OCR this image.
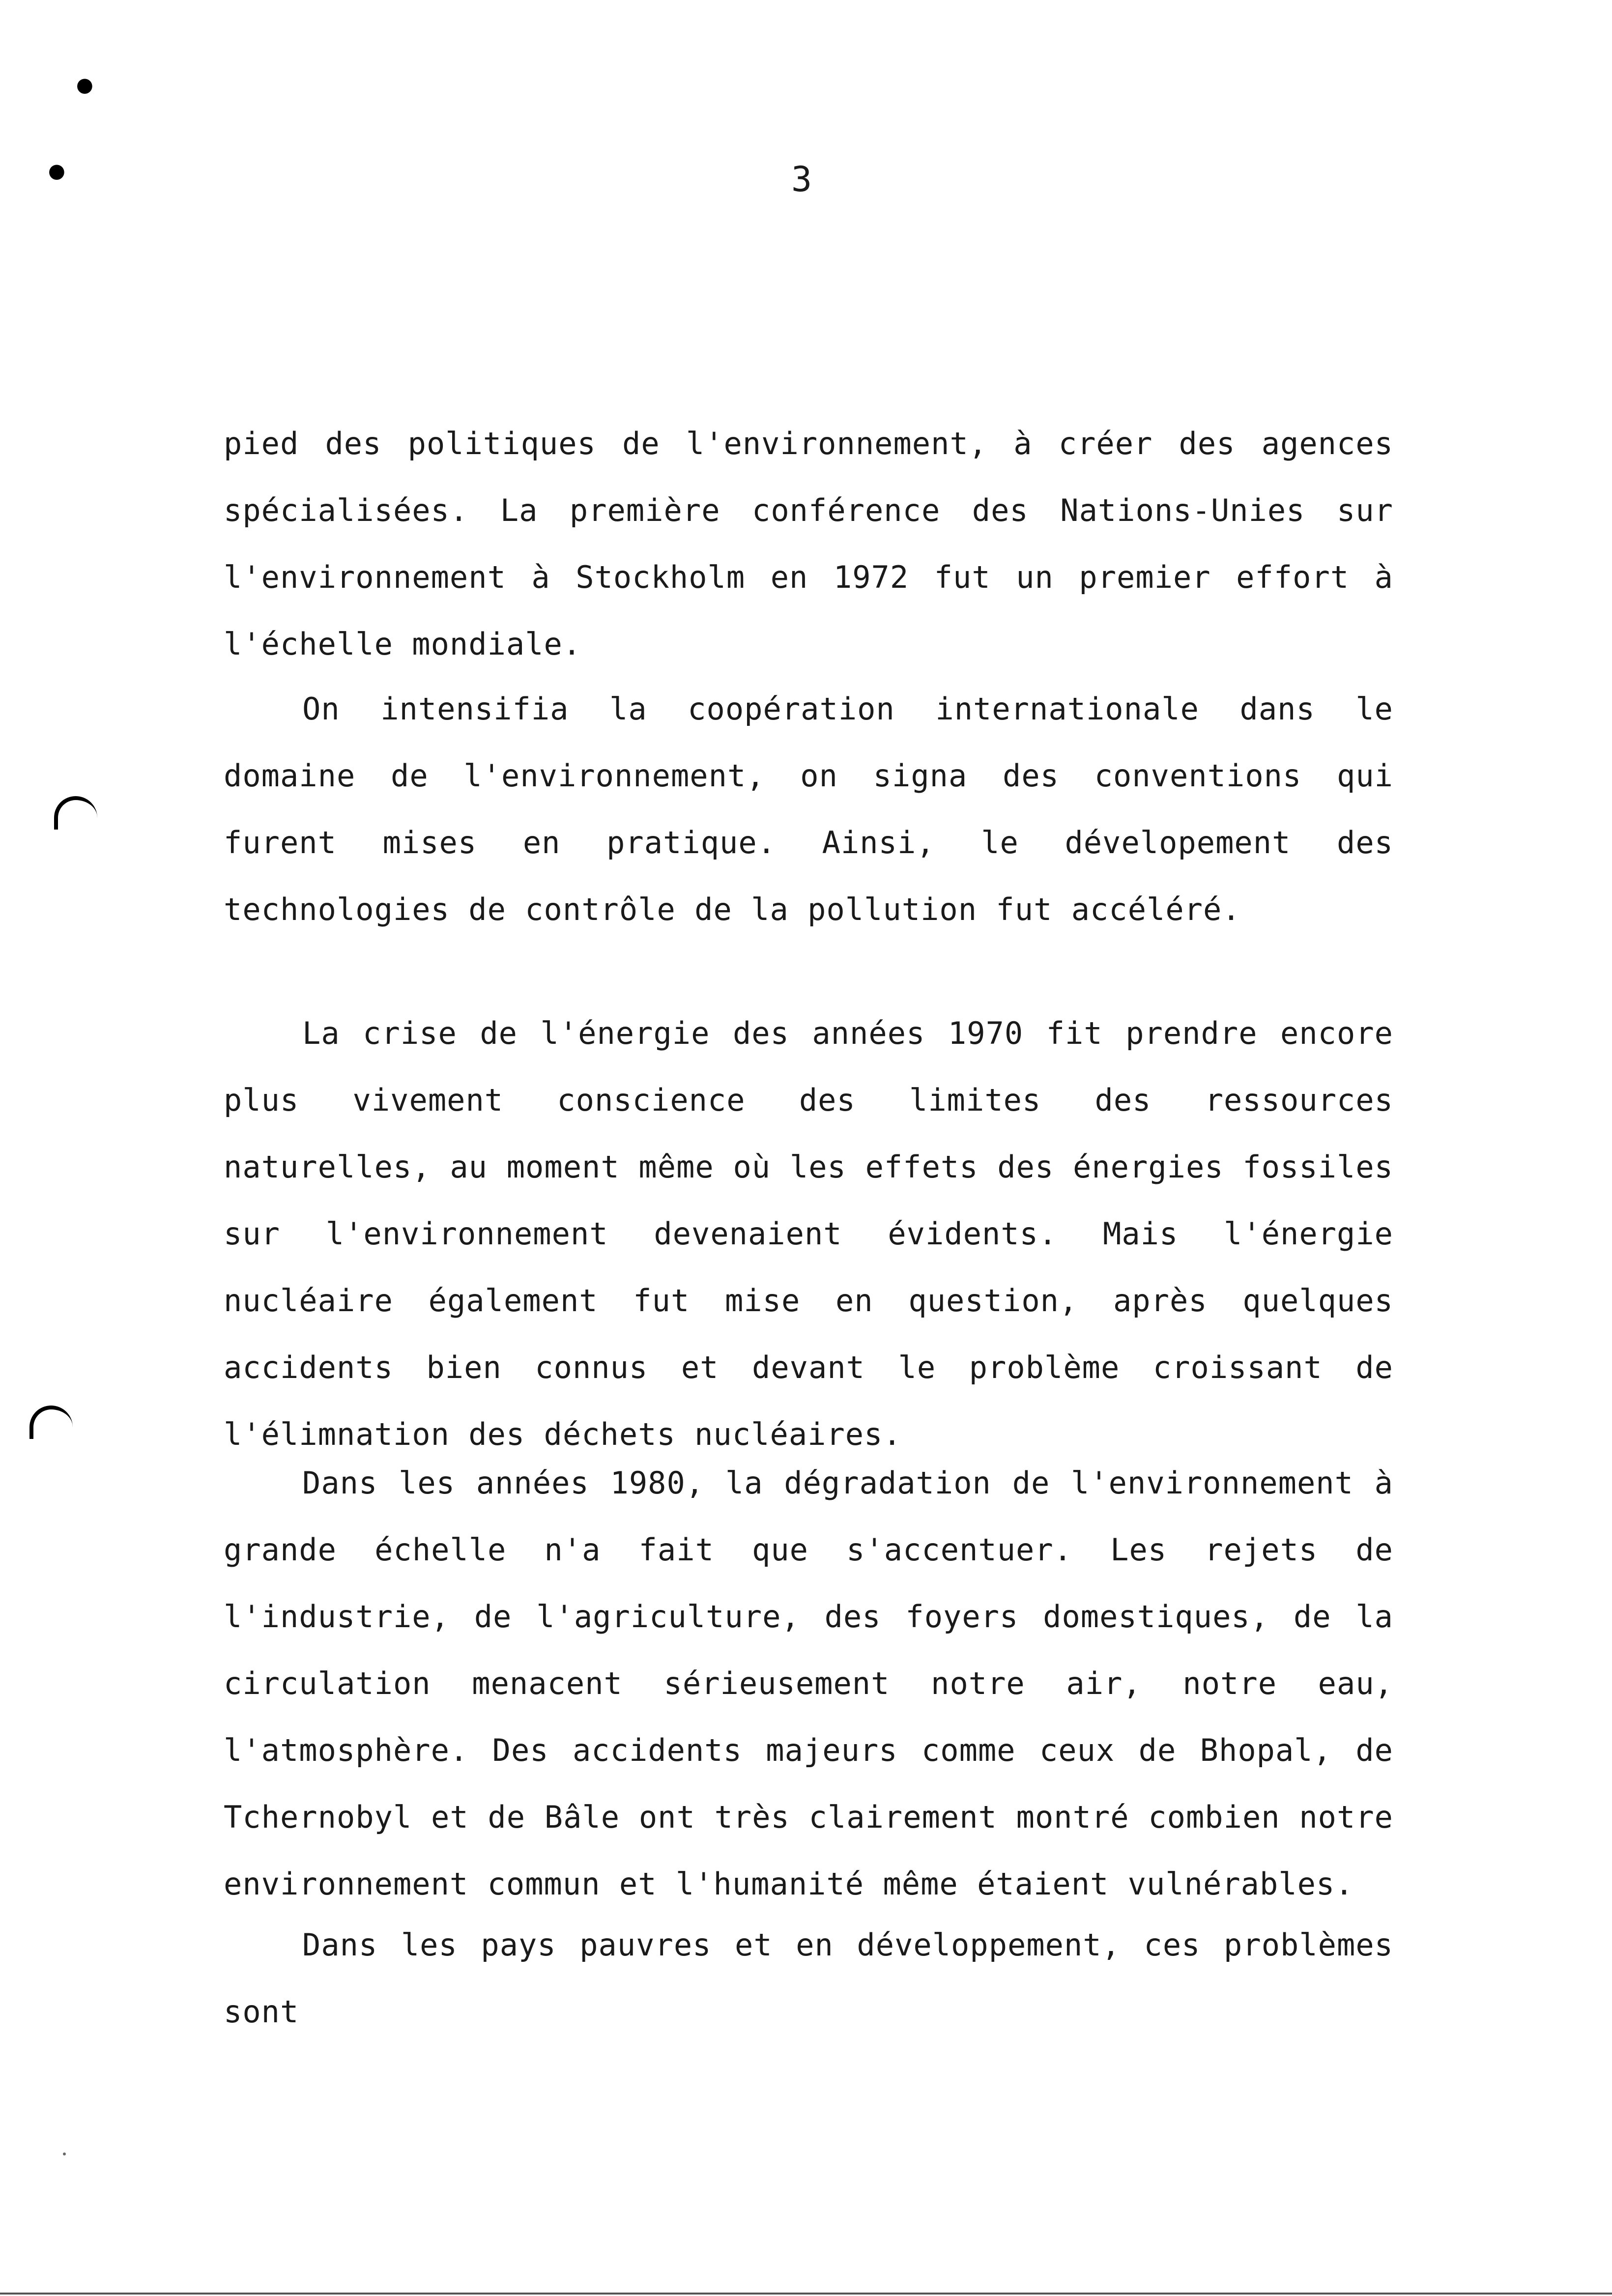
●
●	3

pied des politiques de l'environnement, à créer des agences spécialisées. La première conférence des Nations-Unies sur l'environnement à Stockholm en 1972 fut un premier effort à l'échelle mondiale.

On intensifia la coopération internationale dans le domaine de l'environnement, on signa des conventions qui furent mises en pratique. Ainsi, le dévelopement des technologies de contrôle de la pollution fut accéléré.

La crise de l'énergie des années 1970 fit prendre encore plus vivement conscience des limites des ressources naturelles, au moment même où les effets des énergies fossiles sur l'environnement devenaient évidents. Mais l'énergie nucléaire également fut mise en question, après quelques accidents bien connus et devant le problème croissant de l'élimnation des déchets nucléaires.

Dans les années 1980, la dégradation de l'environnement à grande échelle n'a fait que s'accentuer. Les rejets de l'industrie, de l'agriculture, des foyers domestiques, de la circulation menacent sérieusement notre air, notre eau, l'atmosphère. Des accidents majeurs comme ceux de Bhopal, de Tchernobyl et de Bâle ont très clairement montré combien notre environnement commun et l'humanité même étaient vulnérables.

Dans les pays pauvres et en développement, ces problèmes sont
